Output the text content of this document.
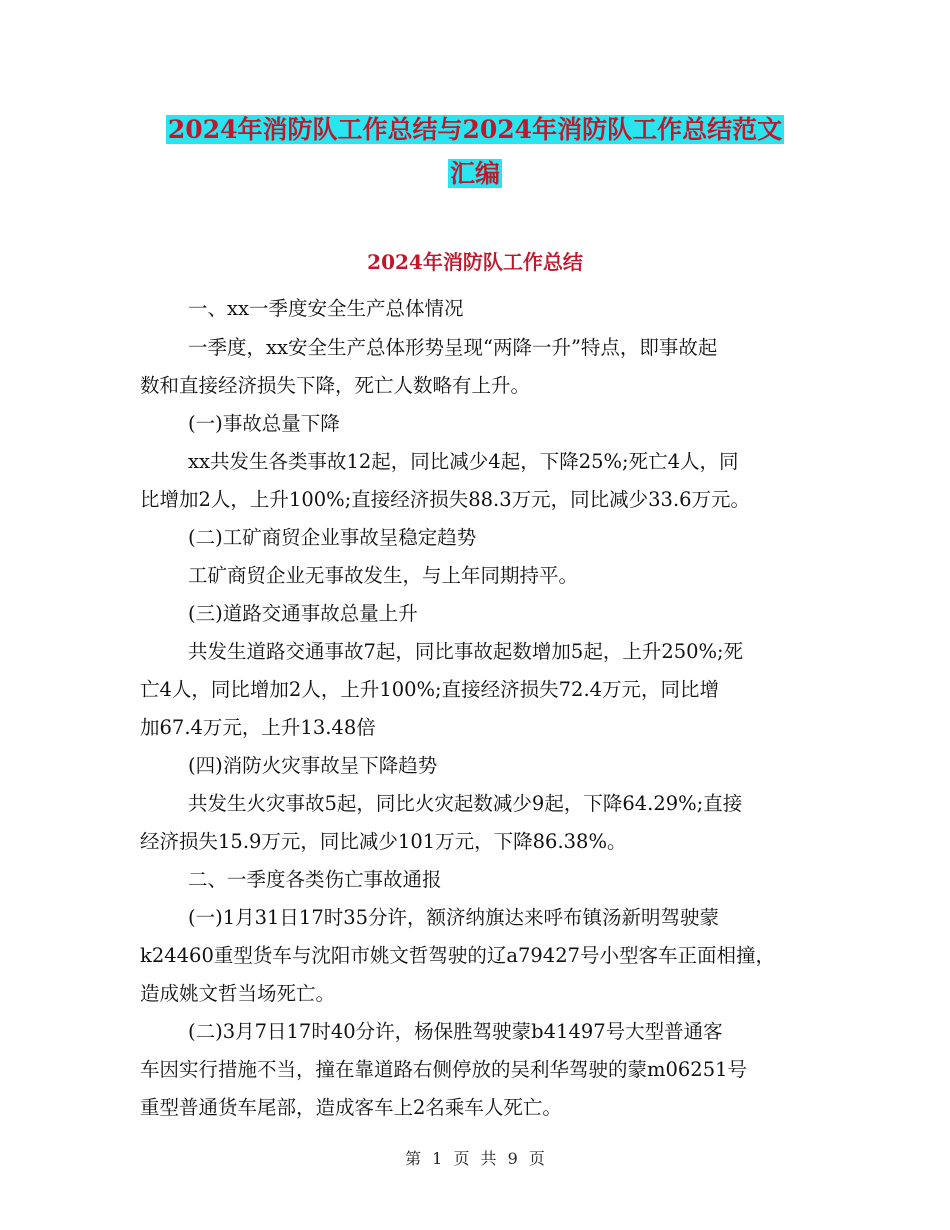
2024年消防队工作总结与2024年消防队工作总结范文
汇编
2024年消防队工作总结
一、xx一季度安全生产总体情况
一季度，xx安全生产总体形势呈现“两降一升”特点，即事故起
数和直接经济损失下降，死亡人数略有上升。
(一)事故总量下降
xx共发生各类事故12起，同比减少4起，下降25%;死亡4人，同
比增加2人，上升100%;直接经济损失88.3万元，同比减少33.6万元。
(二)工矿商贸企业事故呈稳定趋势
工矿商贸企业无事故发生，与上年同期持平。
(三)道路交通事故总量上升
共发生道路交通事故7起，同比事故起数增加5起，上升250%;死
亡4人，同比增加2人，上升100%;直接经济损失72.4万元，同比增
加67.4万元，上升13.48倍
(四)消防火灾事故呈下降趋势
共发生火灾事故5起，同比火灾起数减少9起，下降64.29%;直接
经济损失15.9万元，同比减少101万元，下降86.38%。
二、一季度各类伤亡事故通报
(一)1月31日17时35分许，额济纳旗达来呼布镇汤新明驾驶蒙
k24460重型货车与沈阳市姚文哲驾驶的辽a79427号小型客车正面相撞，
造成姚文哲当场死亡。
(二)3月7日17时40分许，杨保胜驾驶蒙b41497号大型普通客
车因实行措施不当，撞在靠道路右侧停放的吴利华驾驶的蒙m06251号
重型普通货车尾部，造成客车上2名乘车人死亡。
第 1 页 共 9 页
